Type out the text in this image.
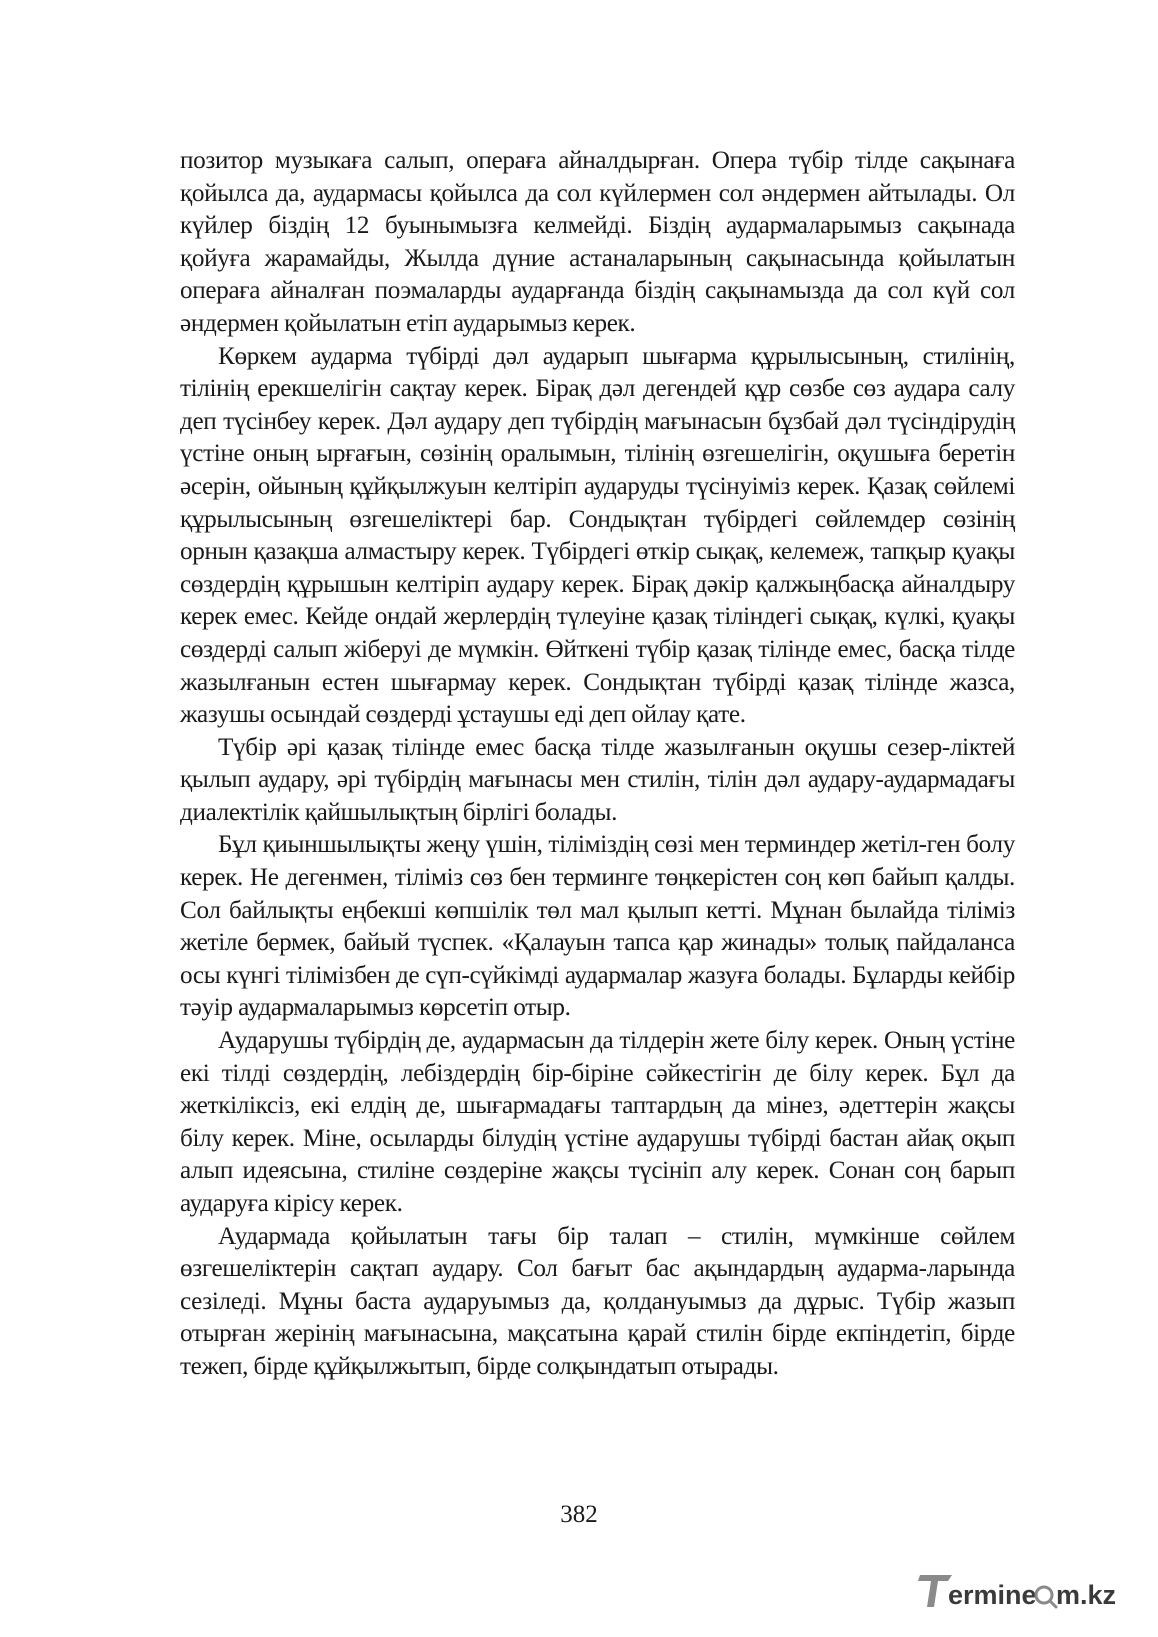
позитор музыкаға салып, операға айналдырған. Опера түбір тілде сақынаға қойылса да, аудармасы қойылса да сол күйлермен сол әндермен айтылады. Ол күйлер біздің 12 буынымызға келмейді. Біздің аудармаларымыз сақынада қойуға жарамайды, Жылда дүние астаналарының сақынасында қойылатын операға айналған поэмаларды аударғанда біздің сақынамызда да сол күй сол әндермен қойылатын етіп аударымыз керек.

Көркем аударма түбірді дәл аударып шығарма құрылысының, стилінің, тілінің ерекшелігін сақтау керек. Бірақ дәл дегендей құр сөзбе сөз аудара салу деп түсінбеу керек. Дәл аудару деп түбірдің мағынасын бұзбай дәл түсіндірудің үстіне оның ырғағын, сөзінің оралымын, тілінің өзгешелігін, оқушыға беретін әсерін, ойының құйқылжуын келтіріп аударуды түсінуіміз керек. Қазақ сөйлемі құрылысының өзгешеліктері бар. Сондықтан түбірдегі сөйлемдер сөзінің орнын қазақша алмастыру керек. Түбірдегі өткір сықақ, келемеж, тапқыр қуақы сөздердің құрышын келтіріп аудару керек. Бірақ дәкір қалжыңбасқа айналдыру керек емес. Кейде ондай жерлердің түлеуіне қазақ тіліндегі сықақ, күлкі, қуақы сөздерді салып жіберуі де мүмкін. Өйткені түбір қазақ тілінде емес, басқа тілде жазылғанын естен шығармау керек. Сондықтан түбірді қазақ тілінде жазса, жазушы осындай сөздерді ұстаушы еді деп ойлау қате.

Түбір әрі қазақ тілінде емес басқа тілде жазылғанын оқушы сезер-ліктей қылып аудару, әрі түбірдің мағынасы мен стилін, тілін дәл аудару-аудармадағы диалектілік қайшылықтың бірлігі болады.

Бұл қиыншылықты жеңу үшін, тіліміздің сөзі мен терминдер жетіл-ген болу керек. Не дегенмен, тіліміз сөз бен терминге төңкерістен соң көп байып қалды. Сол байлықты еңбекші көпшілік төл мал қылып кетті. Мұнан былайда тіліміз жетіле бермек, байый түспек. «Қалауын тапса қар жинады» толық пайдаланса осы күнгі тілімізбен де сүп-сүйкімді аудармалар жазуға болады. Бұларды кейбір тәуір аудармаларымыз көрсетіп отыр.

Аударушы түбірдің де, аудармасын да тілдерін жете білу керек. Оның үстіне екі тілді сөздердің, лебіздердің бір-біріне сәйкестігін де білу керек. Бұл да жеткіліксіз, екі елдің де, шығармадағы таптардың да мінез, әдеттерін жақсы білу керек. Міне, осыларды білудің үстіне аударушы түбірді бастан айақ оқып алып идеясына, стиліне сөздеріне жақсы түсініп алу керек. Сонан соң барып аударуға кірісу керек.

Аудармада қойылатын тағы бір талап – стилін, мүмкінше сөйлем өзгешеліктерін сақтап аудару. Сол бағыт бас ақындардың аударма-ларында сезіледі. Мұны баста аударуымыз да, қолдануымыз да дұрыс. Түбір жазып отырған жерінің мағынасына, мақсатына қарай стилін бірде екпіндетіп, бірде тежеп, бірде құйқылжытып, бірде солқындатып отырады.

382
ermine m.kz
